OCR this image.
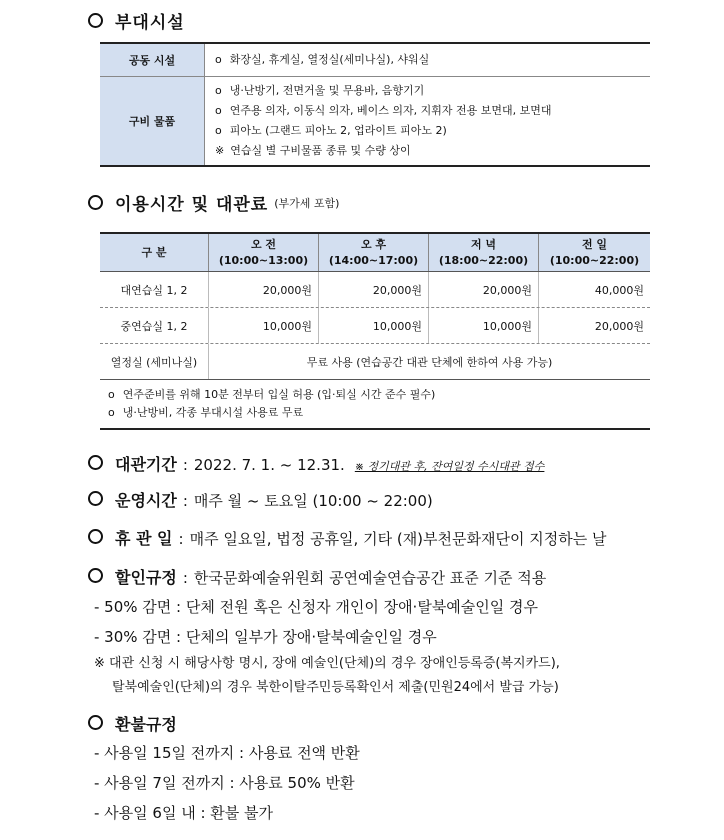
부대시설
공동 시설
o	화장실, 휴게실, 열정실(세미나실), 샤워실
구비 물품
o 냉·난방기, 전면거울 및 무용바, 음향기기
o 연주용 의자, 이동식 의자, 베이스 의자, 지휘자 전용 보면대, 보면대
o 피아노 (그랜드 피아노 2, 업라이트 피아노 2)
※ 연습실 별 구비물품 종류 및 수량 상이
이용시간 및 대관료 (부가세 포함)
구 분
오 전
(10:00~13:00)
오 후
(14:00~17:00)
저 녁
(18:00~22:00)
전 일
(10:00~22:00)
대연습실 1, 2	20,000원	20,000원	20,000원	40,000원
중연습실 1, 2	10,000원	10,000원	10,000원	20,000원
열정실 (세미나실)	무료 사용 (연습공간 대관 단체에 한하여 사용 가능)
o 연주준비를 위해 10분 전부터 입실 허용 (입·퇴실 시간 준수 필수)
o 냉·난방비, 각종 부대시설 사용료 무료
대관기간 : 2022. 7. 1. ~ 12.31. ※ 정기대관 후, 잔여일정 수시대관 접수
운영시간 : 매주 월 ~ 토요일 (10:00 ~ 22:00)
휴 관 일 : 매주 일요일, 법정 공휴일, 기타 (재)부천문화재단이 지정하는 날
할인규정 : 한국문화예술위원회 공연예술연습공간 표준 기준 적용
- 50% 감면 : 단체 전원 혹은 신청자 개인이 장애·탈북예술인일 경우
- 30% 감면 : 단체의 일부가 장애·탈북예술인일 경우
※ 대관 신청 시 해당사항 명시, 장애 예술인(단체)의 경우 장애인등록증(복지카드),
탈북예술인(단체)의 경우 북한이탈주민등록확인서 제출(민원24에서 발급 가능)
환불규정
- 사용일 15일 전까지 : 사용료 전액 반환
- 사용일 7일 전까지 : 사용료 50% 반환
- 사용일 6일 내 : 환불 불가
